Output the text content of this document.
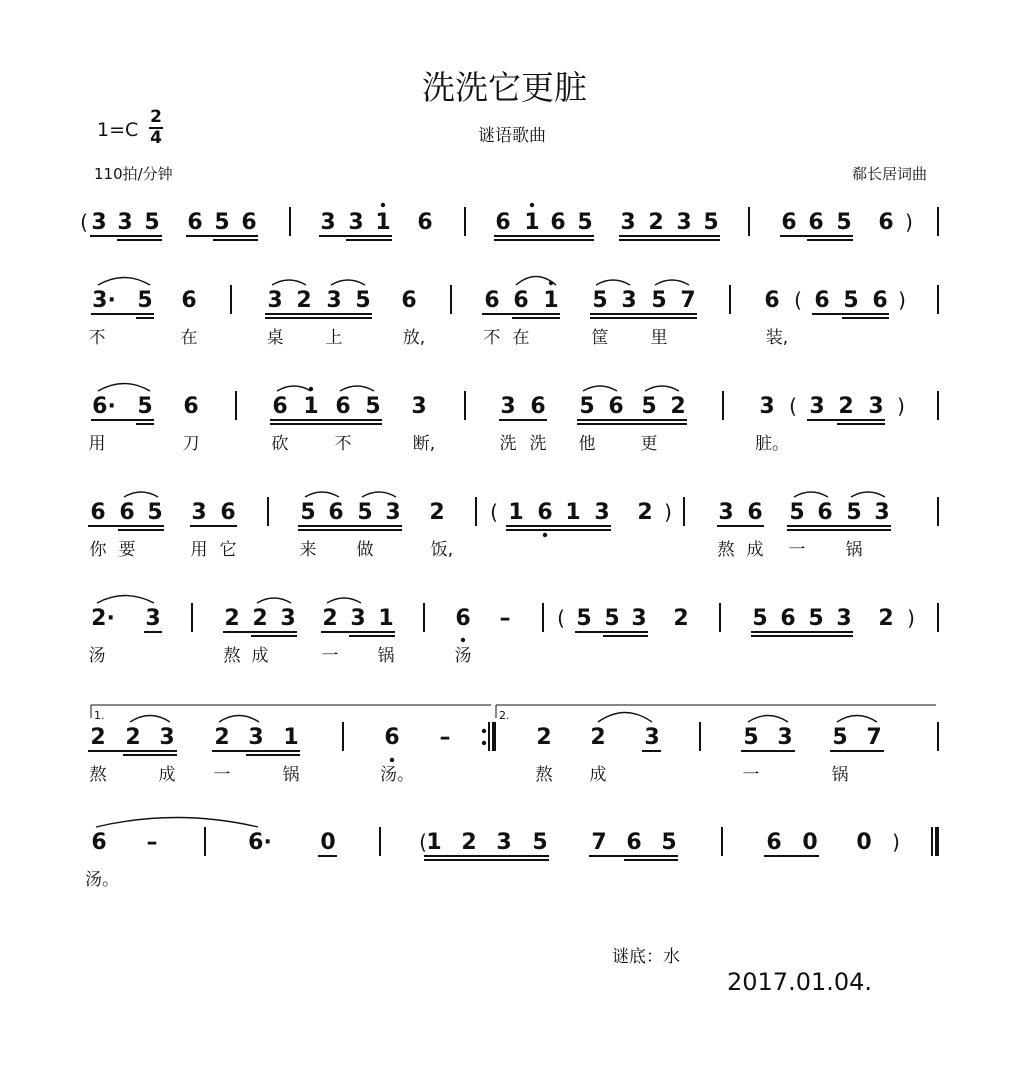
洗洗它更脏
1=C
2
4	谜语歌曲
110拍/分钟	郗长居词曲
( 3 3 5 6 5 6	3 3 1 6	6 1 6 5 3 2 3 5	6 6 5 6 )
3· 5 6	3 2 3 5 6	6 6 1 5 3 5 7	6 ( 6 5 6 )
不	在	桌 上	放,	不 在	筐 里	装,
6· 5 6	6 1 6 5 3	3 6 5 6 5 2	3 ( 3 2 3 )
用	刀	砍	不	断,	洗 洗 他	更	脏。
6 6 5 3 6	5 6 5 3 2 ( 1 6 1 3 2 ) 3 6 5 6 5 3
你 要	用 它	来 做	饭,	熬 成 一 锅
2· 3	2 2 3 2 3 1	6 – ( 5 5 3 2	5 6 5 3 2 )
汤	熬 成	一 锅	汤
1.	2.
2 2 3 2 3 1	6 –	2 2 3	5 3 5 7
熬	成 一	锅	汤。	熬 成	一	锅
6 –	6· 0	( 1 2 3 5 7 6 5	6 0 0 )
汤。
谜底：水
2017.01.04.
